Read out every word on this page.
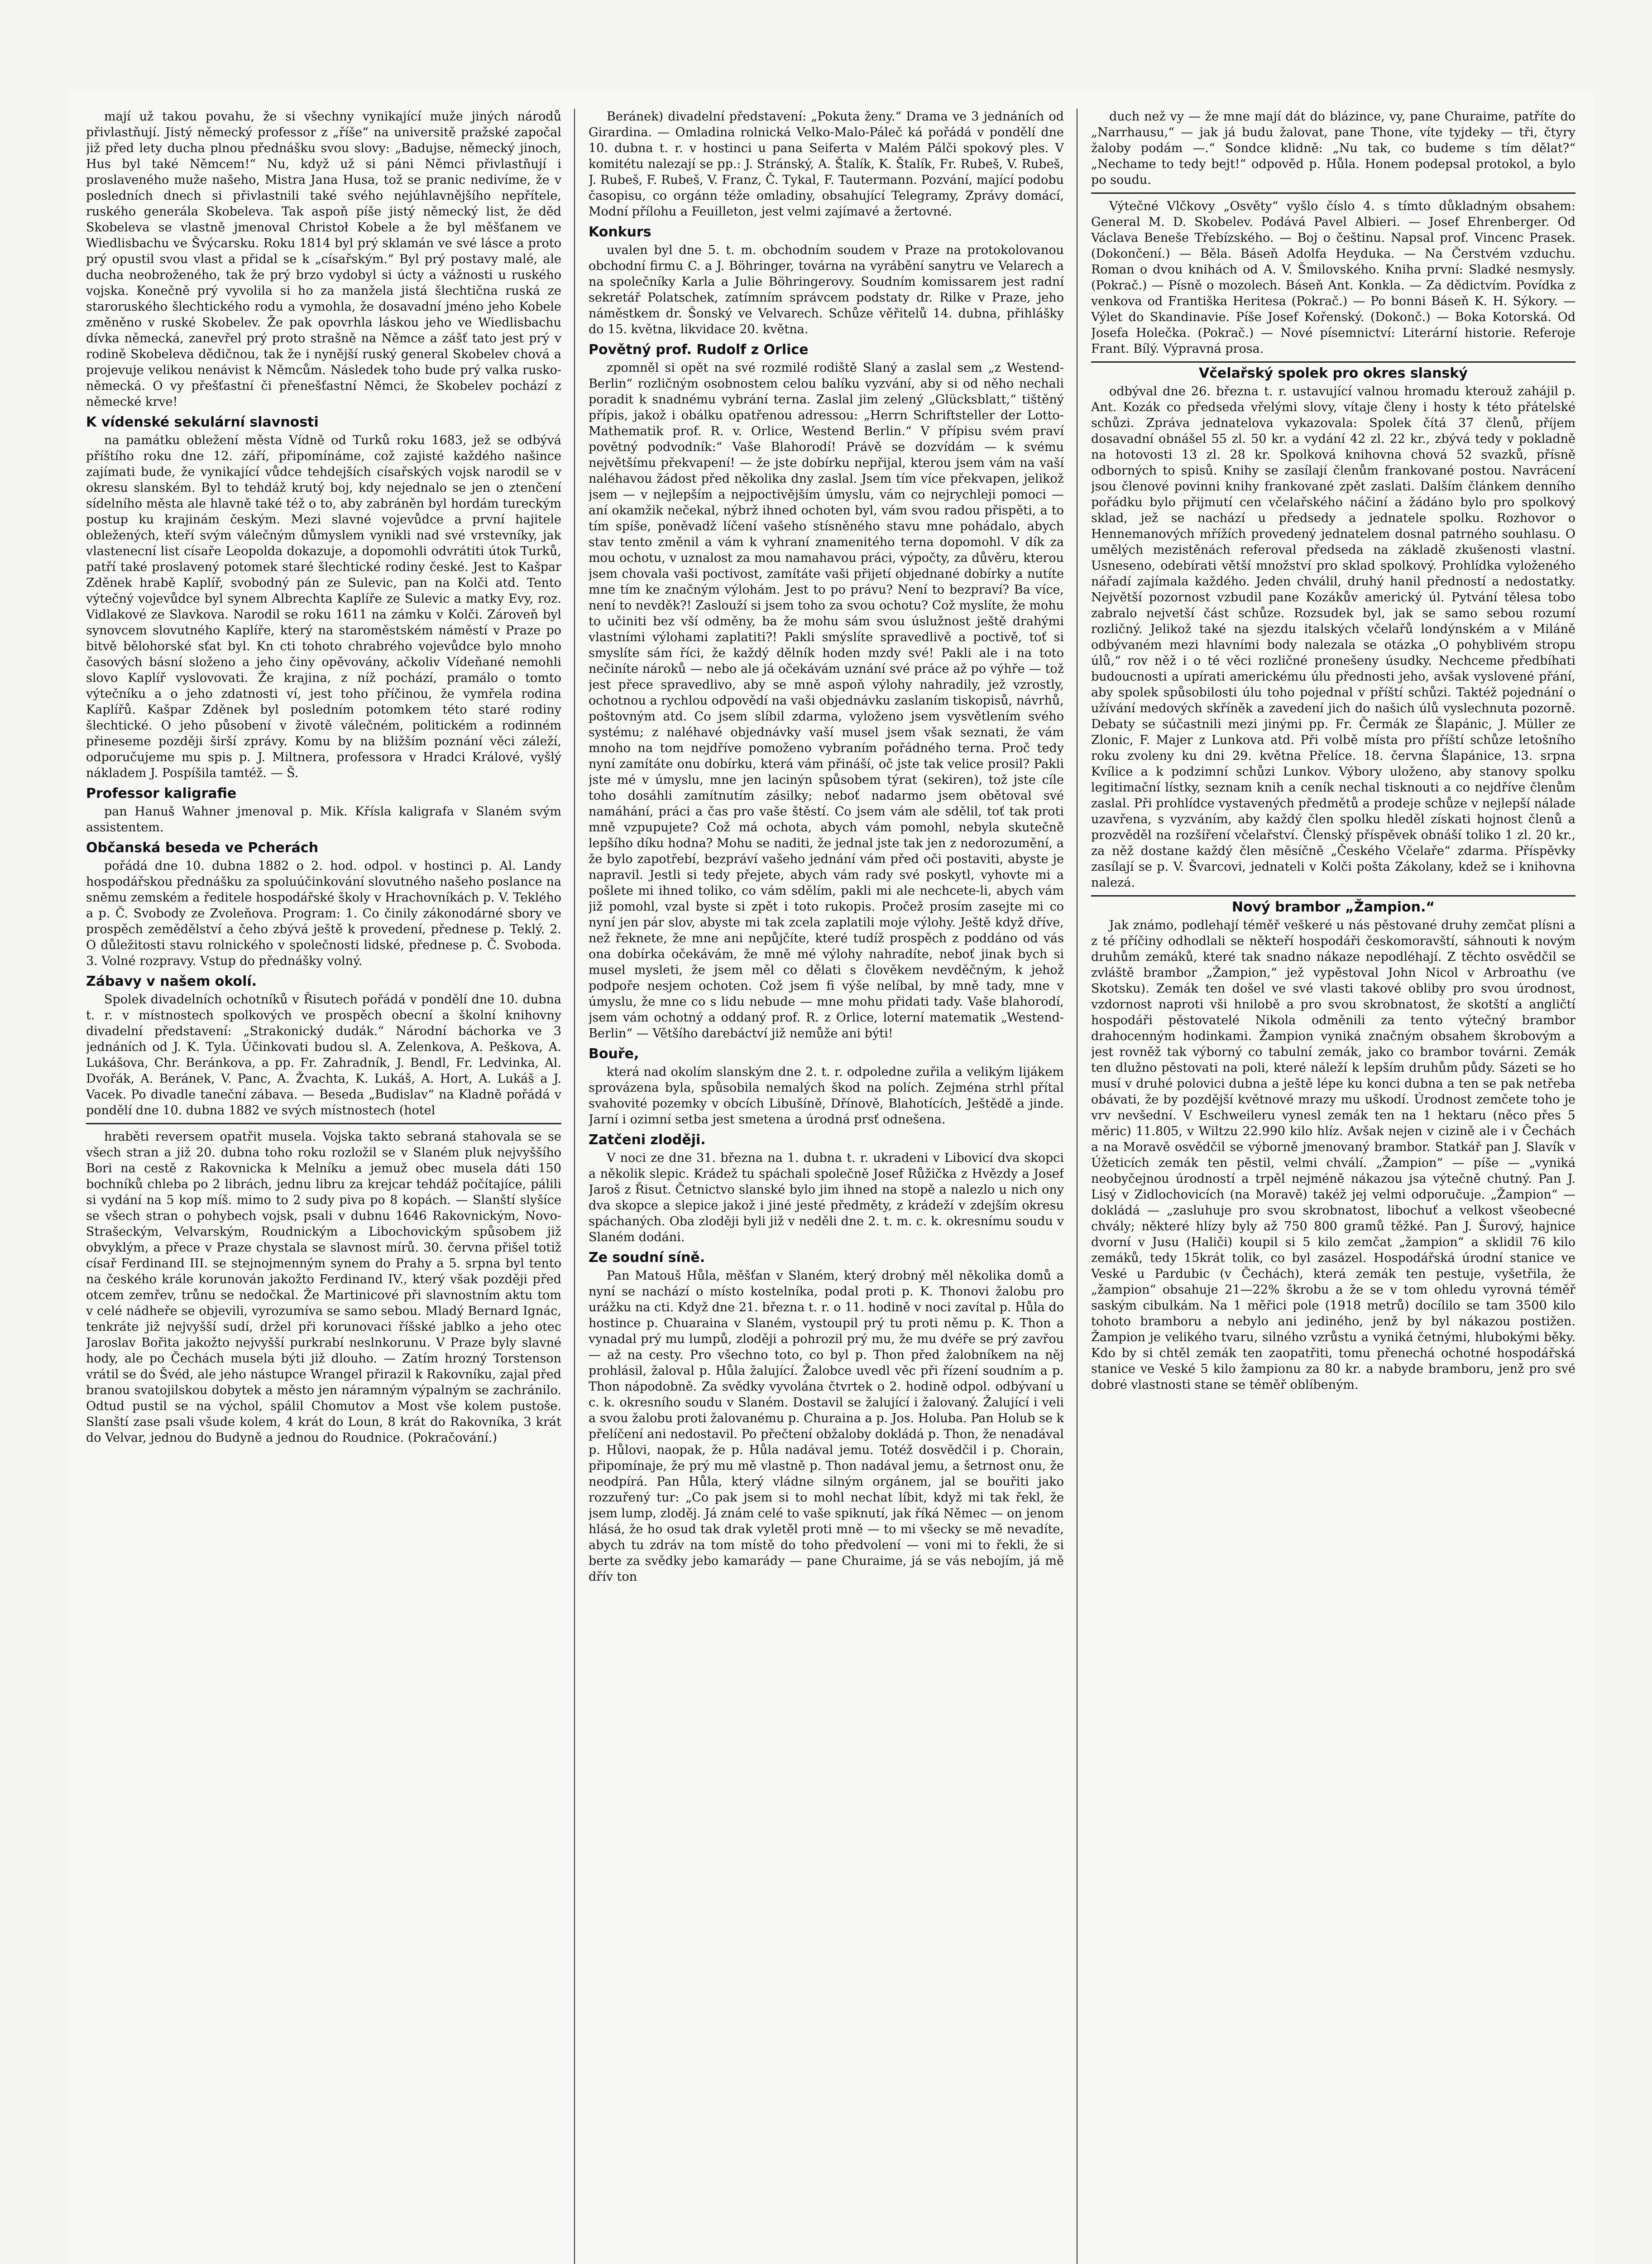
mají už takou povahu, že si všechny vynikající muže jiných národů přivlastňují. Jistý německý professor z „říše“ na universitě pražské započal již před lety ducha plnou přednášku svou slovy: „Badujse, německý jinoch, Hus byl také Němcem!“ Nu, když už si páni Němci přivlastňují i proslaveného muže našeho, Mistra Jana Husa, tož se pranic nedivíme, že v posledních dnech si přivlastnili také svého nejúhlavnějšího nepřítele, ruského generála Skobeleva. Tak aspoň píše jistý německý list, že děd Skobeleva se vlastně jmenoval Christoł Kobele a že byl měšťanem ve Wiedlisbachu ve Švýcarsku. Roku 1814 byl prý sklamán ve své lásce a proto prý opustil svou vlast a přidal se k „císařským.“ Byl prý postavy malé, ale ducha neobroženého, tak že prý brzo vydobyl si úcty a vážnosti u ruského vojska. Konečně prý vyvolila si ho za manžela jistá šlechtična ruská ze staroruského šlechtického rodu a vymohla, že dosavadní jméno jeho Kobele změněno v ruské Skobelev. Že pak opovrhla láskou jeho ve Wiedlisbachu dívka německá, zanevřel prý proto strašně na Němce a zášť tato jest prý v rodině Skobeleva dědičnou, tak že i nynější ruský general Skobelev chová a projevuje velikou nenávist k Němcům. Následek toho bude prý valka rusko-německá. O vy přešťastní či přenešťastní Němci, že Skobelev pochází z německé krve!

K vídenské sekulární slavnosti

na památku obležení města Vídně od Turků roku 1683, jež se odbývá příštího roku dne 12. září, připomínáme, což zajisté každého našince zajímati bude, že vynikající vůdce tehdejších císařských vojsk narodil se v okresu slanském. Byl to tehdáž krutý boj, kdy nejednalo se jen o ztenčení sídelního města ale hlavně také též o to, aby zabráněn byl hordám tureckým postup ku krajinám českým. Mezi slavné vojevůdce a první hajitele obležených, kteří svým válečným důmyslem vynikli nad své vrstevníky, jak vlastenecní list císaře Leopolda dokazuje, a dopomohli odvrátiti útok Turků, patří také proslavený potomek staré šlechtické rodiny české. Jest to Kašpar Zděnek hrabě Kaplíř, svobodný pán ze Sulevic, pan na Kolči atd. Tento výtečný vojevůdce byl synem Albrechta Kaplíře ze Sulevic a matky Evy, roz. Vidlakové ze Slavkova. Narodil se roku 1611 na zámku v Kolči. Zároveň byl synovcem slovutného Kaplíře, který na staroměstském náměstí v Praze po bitvě bělohorské sťat byl. Kn cti tohoto chrabrého vojevůdce bylo mnoho časových básní složeno a jeho činy opěvovány, ačkoliv Vídeňané nemohli slovo Kaplíř vyslovovati. Že krajina, z níž pochází, pramálo o tomto výtečníku a o jeho zdatnosti ví, jest toho příčinou, že vymřela rodina Kaplířů. Kašpar Zděnek byl posledním potomkem této staré rodiny šlechtické. O jeho působení v životě válečném, politickém a rodinném přineseme později širší zprávy. Komu by na bližším poznání věci záleží, odporučujeme mu spis p. J. Miltnera, professora v Hradci Králové, vyšlý nákladem J. Pospíšila tamtéž. — Š.

Professor kaligrafie

pan Hanuš Wahner jmenoval p. Mik. Křísla kaligrafa v Slaném svým assistentem.

Občanská beseda ve Pcherách

pořádá dne 10. dubna 1882 o 2. hod. odpol. v hostinci p. Al. Landy hospodářskou přednášku za spoluúčinkování slovutného našeho poslance na sněmu zemském a ředitele hospodářské školy v Hrachovníkách p. V. Teklého a p. Č. Svobody ze Zvoleňova. Program: 1. Co činily zákonodárné sbory ve prospěch zemědělství a čeho zbývá ještě k provedení, přednese p. Teklý. 2. O důležitosti stavu rolnického v společnosti lidské, přednese p. Č. Svoboda. 3. Volné rozpravy. Vstup do přednášky volný.

Zábavy v našem okolí.

Spolek divadelních ochotníků v Řisutech pořádá v pondělí dne 10. dubna t. r. v místnostech spolkových ve prospěch obecní a školní knihovny divadelní představení: „Strakonický dudák.“ Národní báchorka ve 3 jednáních od J. K. Tyla. Účinkovati budou sl. A. Zelenkova, A. Peškova, A. Lukášova, Chr. Beránkova, a pp. Fr. Zahradník, J. Bendl, Fr. Ledvinka, Al. Dvořák, A. Beránek, V. Panc, A. Žvachta, K. Lukáš, A. Hort, A. Lukáš a J. Vacek. Po divadle taneční zábava. — Beseda „Budislav“ na Kladně pořádá v pondělí dne 10. dubna 1882 ve svých místnostech (hotel

hraběti reversem opatřit musela. Vojska takto sebraná stahovala se se všech stran a již 20. dubna toho roku rozložil se v Slaném pluk nejvyššího Bori na cestě z Rakovnicka k Melníku a jemuž obec musela dáti 150 bochníků chleba po 2 librách, jednu libru za krejcar tehdáž počítajíce, pálili si vydání na 5 kop míš. mimo to 2 sudy piva po 8 kopách. — Slanští slyšíce se všech stran o pohybech vojsk, psali v dubnu 1646 Rakovnickým, Novo-Strašeckým, Velvarským, Roudnickým a Libochovickým spůsobem již obvyklým, a přece v Praze chystala se slavnost mírů. 30. června přišel totiž císař Ferdinand III. se stejnojmenným synem do Prahy a 5. srpna byl tento na českého krále korunován jakožto Ferdinand IV., který však později před otcem zemřev, trůnu se nedočkal. Že Martinicové při slavnostním aktu tom v celé nádheře se objevili, vyrozumíva se samo sebou. Mladý Bernard Ignác, tenkráte již nejvyšší sudí, držel při korunovaci říšské jablko a jeho otec Jaroslav Bořita jakožto nejvyšší purkrabí neslnkorunu. V Praze byly slavné hody, ale po Čechách musela býti již dlouho. — Zatím hrozný Torstenson vrátil se do Švéd, ale jeho nástupce Wrangel přirazil k Rakovníku, zajal před branou svatojilskou dobytek a město jen náramným výpalným se zachránilo. Odtud pustil se na výchol, spálil Chomutov a Most vše kolem pustoše. Slanští zase psali všude kolem, 4 krát do Loun, 8 krát do Rakovníka, 3 krát do Velvar, jednou do Budyně a jednou do Roudnice. (Pokračování.)

Beránek) divadelní představení: „Pokuta ženy.“ Drama ve 3 jednáních od Girardina. — Omladina rolnická Velko-Malo-Páleč ká pořádá v pondělí dne 10. dubna t. r. v hostinci u pana Seiferta v Malém Pálči spokový ples. V komitétu nalezají se pp.: J. Stránský, A. Štalík, K. Štalík, Fr. Rubeš, V. Rubeš, J. Rubeš, F. Rubeš, V. Franz, Č. Tykal, F. Tautermann. Pozvání, mající podobu časopisu, co orgánn téže omladiny, obsahující Telegramy, Zprávy domácí, Modní přílohu a Feuilleton, jest velmi zajímavé a žertovné.

Konkurs

uvalen byl dne 5. t. m. obchodním soudem v Praze na protokolovanou obchodní firmu C. a J. Böhringer, továrna na vyrábění sanytru ve Velarech a na společníky Karla a Julie Böhringerovy. Soudním komissarem jest radní sekretář Polatschek, zatímním správcem podstaty dr. Rilke v Praze, jeho náměstkem dr. Šonský ve Velvarech. Schůze věřitelů 14. dubna, přihlášky do 15. května, likvidace 20. května.

Povětný prof. Rudolf z Orlice

zpomněl si opět na své rozmilé rodiště Slaný a zaslal sem „z Westend-Berlin“ rozličným osobnostem celou balíku vyzvání, aby si od něho nechali poradit k snadnému vybrání terna. Zaslal jim zelený „Glücksblatt,“ tištěný přípis, jakož i obálku opatřenou adressou: „Herrn Schriftsteller der Lotto-Mathematik prof. R. v. Orlice, Westend Berlin.“ V přípisu svém praví povětný podvodník:“ Vaše Blahorodí! Právě se dozvídám — k svému největšímu překvapení! — že jste dobírku nepřijal, kterou jsem vám na vaší naléhavou žádost před několika dny zaslal. Jsem tím více překvapen, jelikož jsem — v nejlepším a nejpoctivějším úmyslu, vám co nejrychleji pomoci — aní okamžik nečekal, nýbrž ihned ochoten byl, vám svou radou přispěti, a to tím spíše, poněvadž líčení vašeho stísněného stavu mne pohádalo, abych stav tento změnil a vám k vyhraní znamenitého terna dopomohl. V dík za mou ochotu, v uznalost za mou namahavou práci, výpočty, za důvěru, kterou jsem chovala vaši poctivost, zamítáte vaši přijetí objednané dobírky a nutíte mne tím ke značným výlohám. Jest to po právu? Není to bezpraví? Ba více, není to nevděk?! Zaslouží si jsem toho za svou ochotu? Což myslíte, že mohu to učiniti bez vší odměny, ba že mohu sám svou úslužnost ještě drahými vlastními výlohami zaplatiti?! Pakli smýslíte spravedlivě a poctivě, toť si smyslíte sám říci, že každý dělník hoden mzdy své! Pakli ale i na toto nečiníte nároků — nebo ale já očekávám uznání své práce až po výhře — tož jest přece spravedlivo, aby se mně aspoň výlohy nahradily, jež vzrostly, ochotnou a rychlou odpovědí na vaši objednávku zaslaním tiskopisů, návrhů, poštovným atd. Co jsem slíbil zdarma, vyloženo jsem vysvětlením svého systému; z naléhavé objednávky vaší musel jsem však seznati, že vám mnoho na tom nejdříve pomoženo vybraním pořádného terna. Proč tedy nyní zamítáte onu dobírku, která vám přináší, oč jste tak velice prosil? Pakli jste mé v úmyslu, mne jen lacinýn spůsobem týrat (sekiren), tož jste cíle toho dosáhli zamítnutím zásilky; neboť nadarmo jsem obětoval své namáhání, práci a čas pro vaše štěstí. Co jsem vám ale sdělil, toť tak proti mně vzpupujete? Což má ochota, abych vám pomohl, nebyla skutečně lepšího díku hodna? Mohu se naditi, že jednal jste tak jen z nedorozumění, a že bylo zapotřebí, bezpráví vašeho jednání vám před oči postaviti, abyste je napravil. Jestli si tedy přejete, abych vám rady své poskytl, vyhovte mi a pošlete mi ihned toliko, co vám sdělím, pakli mi ale nechcete-li, abych vám již pomohl, vzal byste si zpět i toto rukopis. Pročež prosím zasejte mi co nyní jen pár slov, abyste mi tak zcela zaplatili moje výlohy. Ještě když dříve, než řeknete, že mne ani nepůjčíte, které tudíž prospěch z poddáno od vás ona dobírka očekávám, že mně mé výlohy nahradíte, neboť jinak bych si musel mysleti, že jsem měl co dělati s člověkem nevděčným, k jehož podpoře nesjem ochoten. Což jsem fi výše nelíbal, by mně tady, mne v úmyslu, že mne co s lidu nebude — mne mohu přidati tady. Vaše blahorodí, jsem vám ochotný a oddaný prof. R. z Orlice, loterní matematik „Westend-Berlin“ — Většího darebáctví již nemůže ani býti!

Bouře,

která nad okolím slanským dne 2. t. r. odpoledne zuřila a velikým lijákem sprovázena byla, spůsobila nemalých škod na polích. Zejména strhl přítal svahovité pozemky v obcích Libušíně, Dřínově, Blahotících, Ještědě a jinde. Jarní i ozimní setba jest smetena a úrodná prsť odnešena.

Zatčeni zloději.

V noci ze dne 31. března na 1. dubna t. r. ukradeni v Libovicí dva skopci a několik slepic. Krádež tu spáchali společně Josef Růžička z Hvězdy a Josef Jaroš z Řisut. Četnictvo slanské bylo jim ihned na stopě a nalezlo u nich ony dva skopce a slepice jakož i jiné jesté předměty, z krádeží v zdejším okresu spáchaných. Oba zloději byli již v neděli dne 2. t. m. c. k. okresnímu soudu v Slaném dodáni.

Ze soudní síně.

Pan Matouš Hůla, měšťan v Slaném, který drobný měl několika domů a nyní se nachází o místo kostelníka, podal proti p. K. Thonovi žalobu pro urážku na cti. Když dne 21. března t. r. o 11. hodině v noci zavítal p. Hůla do hostince p. Chuaraina v Slaném, vystoupil prý tu proti němu p. K. Thon a vynadal prý mu lumpů, zloději a pohrozil prý mu, že mu dvéře se prý zavřou — až na cesty. Pro všechno toto, co byl p. Thon před žalobníkem na něj prohlásil, žaloval p. Hůla žalující. Žalobce uvedl věc při řízení soudním a p. Thon nápodobně. Za svědky vyvolána čtvrtek o 2. hodině odpol. odbývaní u c. k. okresního soudu v Slaném. Dostavil se žalující i žalovaný. Žalující i veli a svou žalobu proti žalovanému p. Churaina a p. Jos. Holuba. Pan Holub se k přelíčení ani nedostavil. Po přečtení obžaloby dokládá p. Thon, že nenadával p. Hůlovi, naopak, že p. Hůla nadával jemu. Totéž dosvědčil i p. Chorain, připomínaje, že prý mu mě vlastně p. Thon nadával jemu, a šetrnost onu, že neodpírá. Pan Hůla, který vládne silným orgánem, jal se bouřiti jako rozzuřený tur: „Co pak jsem si to mohl nechat líbit, když mi tak řekl, že jsem lump, zloděj. Já znám celé to vaše spiknutí, jak říká Němec — on jenom hlásá, že ho osud tak drak vyletěl proti mně — to mi všecky se mě nevadíte, abych tu zdráv na tom místě do toho předvolení — voni mi to řekli, že si berte za svědky jebo kamarády — pane Churaime, já se vás nebojím, já mě dřív ton

duch než vy — že mne mají dát do blázince, vy, pane Churaime, patříte do „Narrhausu,“ — jak já budu žalovat, pane Thone, víte tyjdeky — tři, čtyry žaloby podám —.“ Sondce klidně: „Nu tak, co budeme s tím dělat?“ „Nechame to tedy bejt!“ odpověd p. Hůla. Honem podepsal protokol, a bylo po soudu.

Výtečné Vlčkovy „Osvěty“ vyšlo číslo 4. s tímto důkladným obsahem: General M. D. Skobelev. Podává Pavel Albieri. — Josef Ehrenberger. Od Václava Beneše Třebízského. — Boj o češtinu. Napsal prof. Vincenc Prasek. (Dokončení.) — Běla. Báseň Adolfa Heyduka. — Na Čerstvém vzduchu. Roman o dvou knihách od A. V. Šmilovského. Kniha první: Sladké nesmysly. (Pokrač.) — Písně o mozolech. Báseň Ant. Konkla. — Za dědictvím. Povídka z venkova od Františka Heritesa (Pokrač.) — Po bonni Báseň K. H. Sýkory. — Výlet do Skandinavie. Píše Josef Kořenský. (Dokonč.) — Boka Kotorská. Od Josefa Holečka. (Pokrač.) — Nové písemnictví: Literární historie. Referoje Frant. Bílý. Výpravná prosa.

Včelařský spolek pro okres slanský

odbýval dne 26. března t. r. ustavující valnou hromadu kterouž zahájil p. Ant. Kozák co předseda vřelými slovy, vítaje členy i hosty k této přátelské schůzi. Zpráva jednatelova vykazovala: Spolek čítá 37 členů, příjem dosavadní obnášel 55 zl. 50 kr. a vydání 42 zl. 22 kr., zbývá tedy v pokladně na hotovosti 13 zl. 28 kr. Spolková knihovna chová 52 svazků, přísně odborných to spisů. Knihy se zasílají členům frankované postou. Navrácení jsou členové povinni knihy frankované zpět zaslati. Dalším článkem denního pořádku bylo přijmutí cen včelařského náčiní a žádáno bylo pro spolkový sklad, jež se nachází u předsedy a jednatele spolku. Rozhovor o Hennemanových mřížích provedený jednatelem dosnal patrného souhlasu. O umělých mezistěnách referoval předseda na základě zkušenosti vlastní. Usneseno, odebírati větší množství pro sklad spolkový. Prohlídka vyloženého nářadí zajímala každého. Jeden chválil, druhý hanil předností a nedostatky. Největší pozornost vzbudil pane Kozákův americký úl. Pytvání tělesa tobo zabralo nejvetší část schůze. Rozsudek byl, jak se samo sebou rozumí rozličný. Jelikož také na sjezdu italských včelařů londýnském a v Miláně odbývaném mezi hlavními body nalezala se otázka „O pohyblivém stropu úlů,“ rov něž i o té věci rozličné pronešeny úsudky. Nechceme předbíhati budoucnosti a upírati americkému úlu přednosti jeho, avšak vyslovené přání, aby spolek spůsobilosti úlu toho pojednal v příští schůzi. Taktéž pojednání o užívání medových skříněk a zavedení jich do našich úlů vyslechnuta pozorně. Debaty se súčastnili mezi jinými pp. Fr. Čermák ze Šlapánic, J. Müller ze Zlonic, F. Majer z Lunkova atd. Při volbě místa pro příští schůze letošního roku zvoleny ku dni 29. května Přelíce. 18. června Šlapánice, 13. srpna Kvílice a k podzimní schůzi Lunkov. Výbory uloženo, aby stanovy spolku legitimační lístky, seznam knih a ceník nechal tisknouti a co nejdříve členům zaslal. Při prohlídce vystavených předmětů a prodeje schůze v nejlepší nálade uzavřena, s vyzváním, aby každý člen spolku hleděl získati hojnost členů a prozvěděl na rozšíření včelařství. Členský příspěvek obnáší toliko 1 zl. 20 kr., za něž dostane každý člen měsíčně „Českého Včelaře“ zdarma. Příspěvky zasílají se p. V. Švarcovi, jednateli v Kolči pošta Zákolany, kdež se i knihovna nalezá.

Nový brambor „Žampion.“

Jak známo, podlehají téměř veškeré u nás pěstované druhy zemčat plísni a z té příčiny odhodlali se někteří hospodáři českomoravští, sáhnouti k novým druhům zemáků, které tak snadno nákaze nepodléhají. Z těchto osvědčil se zvláště brambor „Žampion,“ jež vypěstoval John Nicol v Arbroathu (ve Skotsku). Zemák ten došel ve své vlasti takové obliby pro svou úrodnost, vzdornost naproti vši hnilobě a pro svou skrobnatost, že skotští a angličtí hospodáři pěstovatelé Nikola odměnili za tento výtečný brambor drahocenným hodinkami. Žampion vyniká značným obsahem škrobovým a jest rovněž tak výborný co tabulní zemák, jako co brambor továrni. Zemák ten dlužno pěstovati na poli, které náleží k lepším druhům půdy. Sázeti se ho musí v druhé polovici dubna a ještě lépe ku konci dubna a ten se pak netřeba obávati, že by pozdější květnové mrazy mu uškodí. Úrodnost zemčete toho je vrv nevšední. V Eschweileru vynesl zemák ten na 1 hektaru (něco přes 5 měric) 11.805, v Wiltzu 22.990 kilo hlíz. Avšak nejen v cizině ale i v Čechách a na Moravě osvědčil se výborně jmenovaný brambor. Statkář pan J. Slavík v Úžeticích zemák ten pěstil, velmi chválí. „Žampion“ — píše — „vyniká neobyčejnou úrodností a trpěl nejméně nákazou jsa výtečně chutný. Pan J. Lisý v Zidlochovicích (na Moravě) takéž jej velmi odporučuje. „Žampion“ — dokládá — „zasluhuje pro svou skrobnatost, libochuť a velkost všeobecné chvály; některé hlízy byly až 750 800 gramů těžké. Pan J. Šurový, hajnice dvorní v Jusu (Haliči) koupil si 5 kilo zemčat „žampion“ a sklidil 76 kilo zemáků, tedy 15krát tolik, co byl zasázel. Hospodářská úrodní stanice ve Veské u Pardubic (v Čechách), která zemák ten pestuje, vyšetřila, že „žampion“ obsahuje 21—22% škrobu a že se v tom ohledu vyrovná téměř saským cibulkám. Na 1 měřici pole (1918 metrů) docílilo se tam 3500 kilo tohoto bramboru a nebylo ani jediného, jenž by byl nákazou postižen. Žampion je velikého tvaru, silného vzrůstu a vyniká četnými, hlubokými běky. Kdo by si chtěl zemák ten zaopatřiti, tomu přenechá ochotné hospodářská stanice ve Veské 5 kilo žampionu za 80 kr. a nabyde bramboru, jenž pro své dobré vlastnosti stane se téměř oblíbeným.
